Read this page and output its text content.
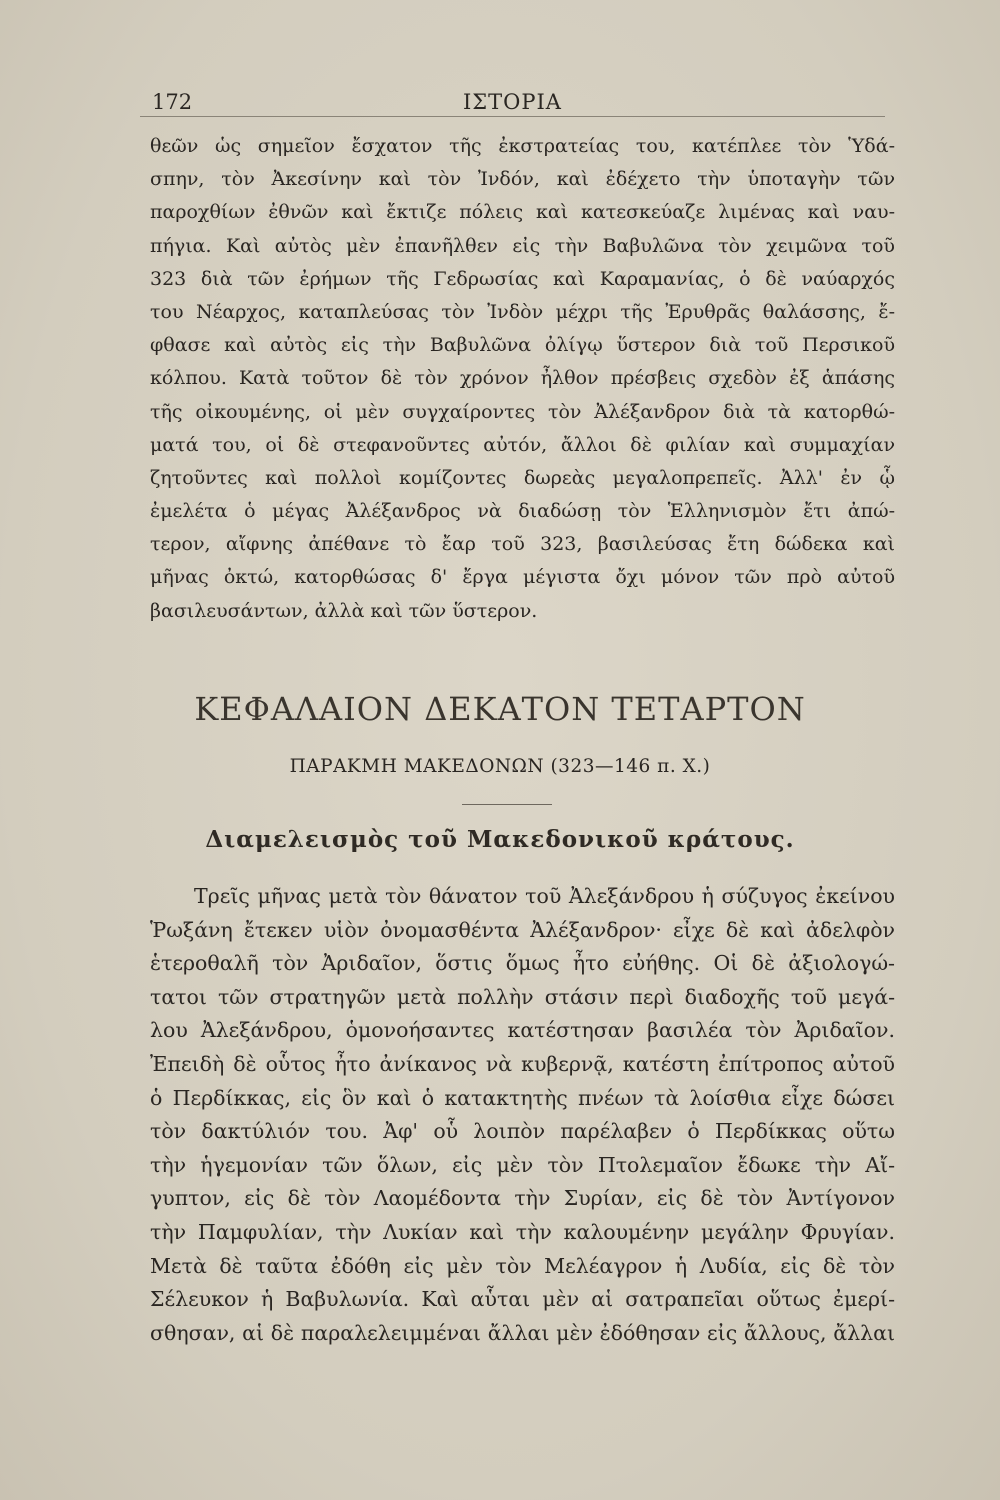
172	ΙΣΤΟΡΙΑ
θεῶν ὡς σημεῖον ἔσχατον τῆς ἐκστρατείας του, κατέπλεε τὸν Ὑδά-
σπην, τὸν Ἀκεσίνην καὶ τὸν Ἰνδόν, καὶ ἐδέχετο τὴν ὑποταγὴν τῶν
παροχθίων ἐθνῶν καὶ ἔκτιζε πόλεις καὶ κατεσκεύαζε λιμένας καὶ ναυ-
πήγια. Καὶ αὐτὸς μὲν ἐπανῆλθεν εἰς τὴν Βαβυλῶνα τὸν χειμῶνα τοῦ
323 διὰ τῶν ἐρήμων τῆς Γεδρωσίας καὶ Καραμανίας, ὁ δὲ ναύαρχός
του Νέαρχος, καταπλεύσας τὸν Ἰνδὸν μέχρι τῆς Ἐρυθρᾶς θαλάσσης, ἔ-
φθασε καὶ αὐτὸς εἰς τὴν Βαβυλῶνα ὀλίγῳ ὕστερον διὰ τοῦ Περσικοῦ
κόλπου. Κατὰ τοῦτον δὲ τὸν χρόνον ἦλθον πρέσβεις σχεδὸν ἐξ ἁπάσης
τῆς οἰκουμένης, οἱ μὲν συγχαίροντες τὸν Ἀλέξανδρον διὰ τὰ κατορθώ-
ματά του, οἱ δὲ στεφανοῦντες αὐτόν, ἄλλοι δὲ φιλίαν καὶ συμμαχίαν
ζητοῦντες καὶ πολλοὶ κομίζοντες δωρεὰς μεγαλοπρεπεῖς. Ἀλλ' ἐν ᾧ
ἐμελέτα ὁ μέγας Ἀλέξανδρος νὰ διαδώσῃ τὸν Ἑλληνισμὸν ἔτι ἀπώ-
τερον, αἴφνης ἀπέθανε τὸ ἔαρ τοῦ 323, βασιλεύσας ἔτη δώδεκα καὶ
μῆνας ὀκτώ, κατορθώσας δ' ἔργα μέγιστα ὄχι μόνον τῶν πρὸ αὐτοῦ
βασιλευσάντων, ἀλλὰ καὶ τῶν ὕστερον.
ΚΕΦΑΛΑΙΟΝ ΔΕΚΑΤΟΝ ΤΕΤΑΡΤΟΝ
ΠΑΡΑΚΜΗ ΜΑΚΕΔΟΝΩΝ (323—146 π. Χ.)
Διαμελεισμὸς τοῦ Μακεδονικοῦ κράτους.
Τρεῖς μῆνας μετὰ τὸν θάνατον τοῦ Ἀλεξάνδρου ἡ σύζυγος ἐκείνου
Ῥωξάνη ἔτεκεν υἱὸν ὀνομασθέντα Ἀλέξανδρον· εἶχε δὲ καὶ ἀδελφὸν
ἑτεροθαλῆ τὸν Ἀριδαῖον, ὅστις ὅμως ἦτο εὐήθης. Οἱ δὲ ἀξιολογώ-
τατοι τῶν στρατηγῶν μετὰ πολλὴν στάσιν περὶ διαδοχῆς τοῦ μεγά-
λου Ἀλεξάνδρου, ὁμονοήσαντες κατέστησαν βασιλέα τὸν Ἀριδαῖον.
Ἐπειδὴ δὲ οὗτος ἦτο ἀνίκανος νὰ κυβερνᾷ, κατέστη ἐπίτροπος αὐτοῦ
ὁ Περδίκκας, εἰς ὃν καὶ ὁ κατακτητὴς πνέων τὰ λοίσθια εἶχε δώσει
τὸν δακτύλιόν του. Ἀφ' οὗ λοιπὸν παρέλαβεν ὁ Περδίκκας οὕτω
τὴν ἡγεμονίαν τῶν ὅλων, εἰς μὲν τὸν Πτολεμαῖον ἔδωκε τὴν Αἴ-
γυπτον, εἰς δὲ τὸν Λαομέδοντα τὴν Συρίαν, εἰς δὲ τὸν Ἀντίγονον
τὴν Παμφυλίαν, τὴν Λυκίαν καὶ τὴν καλουμένην μεγάλην Φρυγίαν.
Μετὰ δὲ ταῦτα ἐδόθη εἰς μὲν τὸν Μελέαγρον ἡ Λυδία, εἰς δὲ τὸν
Σέλευκον ἡ Βαβυλωνία. Καὶ αὗται μὲν αἱ σατραπεῖαι οὕτως ἐμερί-
σθησαν, αἱ δὲ παραλελειμμέναι ἄλλαι μὲν ἐδόθησαν εἰς ἄλλους, ἄλλαι
